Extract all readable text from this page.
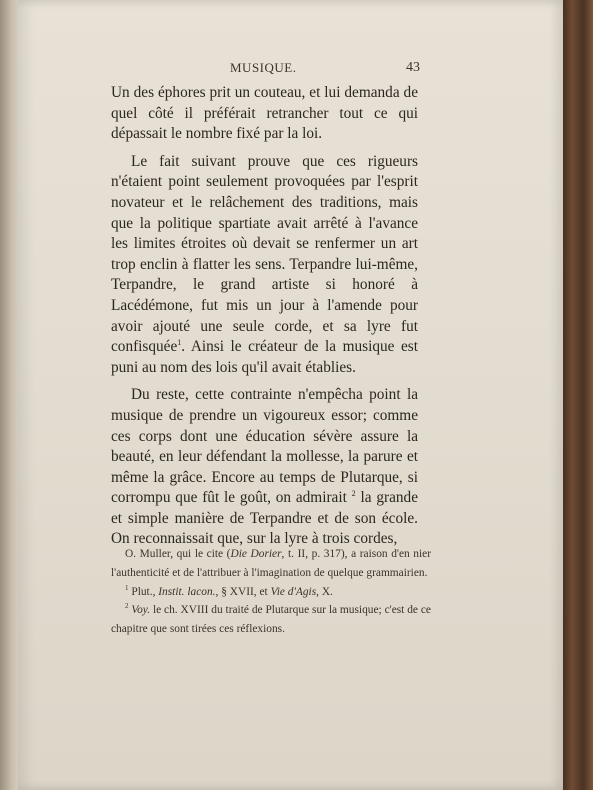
MUSIQUE.	43

Un des éphores prit un couteau, et lui demanda de quel côté il préférait retrancher tout ce qui dépassait le nombre fixé par la loi.

Le fait suivant prouve que ces rigueurs n'étaient point seulement provoquées par l'esprit novateur et le relâchement des traditions, mais que la politique spartiate avait arrêté à l'avance les limites étroites où devait se renfermer un art trop enclin à flatter les sens. Terpandre lui-même, Terpandre, le grand artiste si honoré à Lacédémone, fut mis un jour à l'amende pour avoir ajouté une seule corde, et sa lyre fut confisquée$^1$. Ainsi le créateur de la musique est puni au nom des lois qu'il avait établies.

Du reste, cette contrainte n'empêcha point la musique de prendre un vigoureux essor; comme ces corps dont une éducation sévère assure la beauté, en leur défendant la mollesse, la parure et même la grâce. Encore au temps de Plutarque, si corrompu que fût le goût, on admirait $^2$ la grande et simple manière de Terpandre et de son école. On reconnaissait que, sur la lyre à trois cordes,

O. Muller, qui le cite (Die Dorier, t. II, p. 317), a raison d'en nier l'authenticité et de l'attribuer à l'imagination de quelque grammairien.

$^1$ Plut., Instit. lacon., § XVII, et Vie d'Agis, X.

$^2$ Voy. le ch. XVIII du traité de Plutarque sur la musique; c'est de ce chapitre que sont tirées ces réflexions.
